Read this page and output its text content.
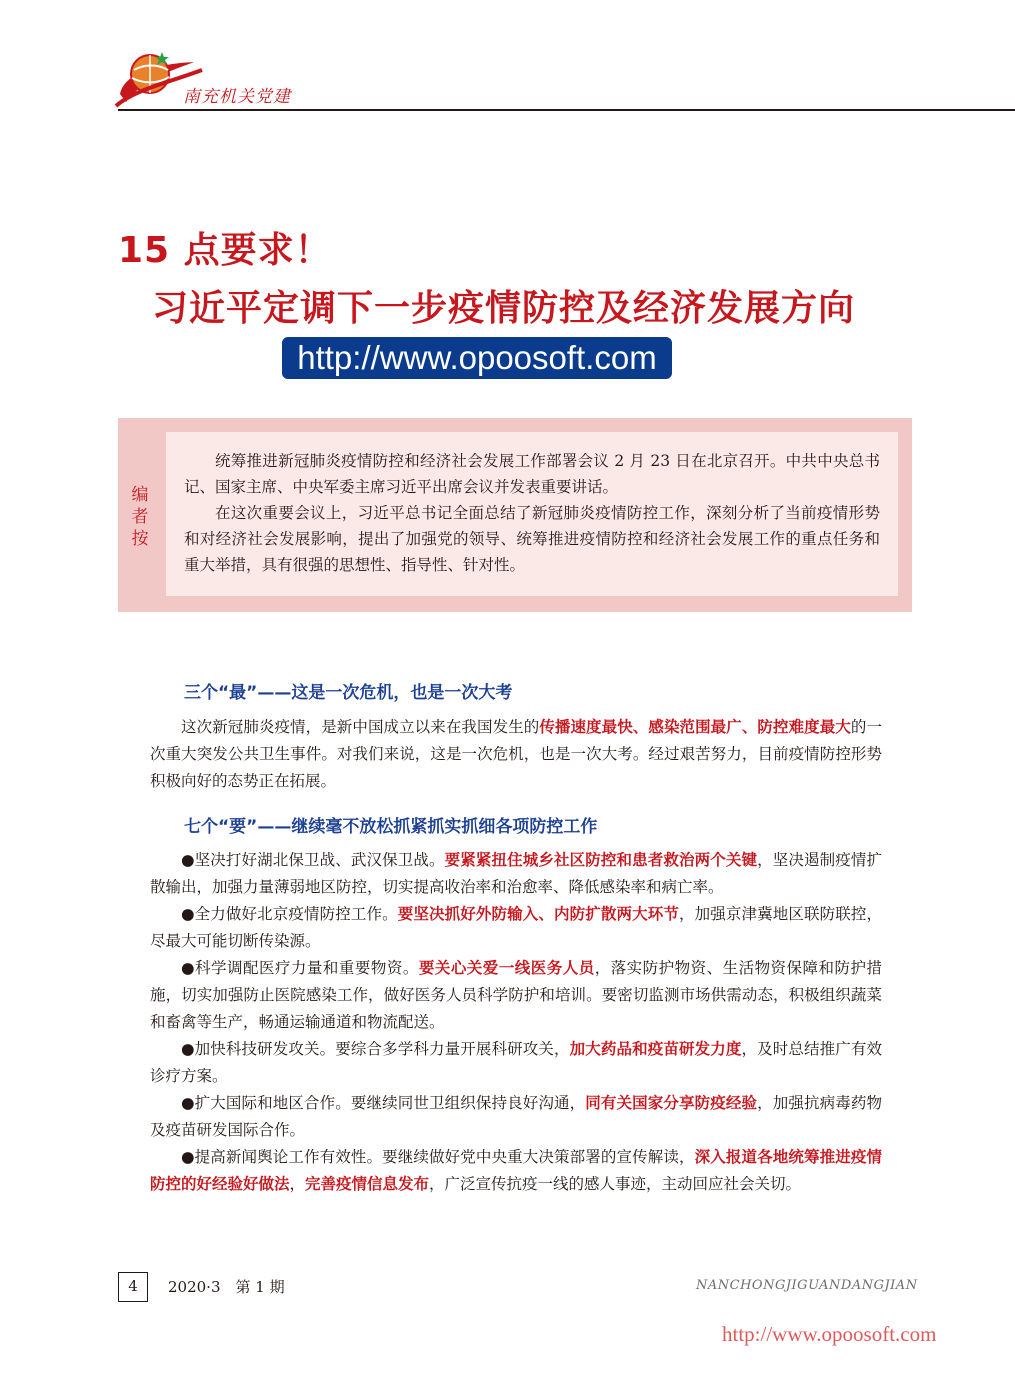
南充机关党建
15 点要求！
习近平定调下一步疫情防控及经济发展方向
http://www.opoosoft.com
编者按

统筹推进新冠肺炎疫情防控和经济社会发展工作部署会议 2 月 23 日在北京召开。中共中央总书记、国家主席、中央军委主席习近平出席会议并发表重要讲话。

在这次重要会议上，习近平总书记全面总结了新冠肺炎疫情防控工作，深刻分析了当前疫情形势和对经济社会发展影响，提出了加强党的领导、统筹推进疫情防控和经济社会发展工作的重点任务和重大举措，具有很强的思想性、指导性、针对性。

三个“最”——这是一次危机，也是一次大考

这次新冠肺炎疫情，是新中国成立以来在我国发生的传播速度最快、感染范围最广、防控难度最大的一次重大突发公共卫生事件。对我们来说，这是一次危机，也是一次大考。经过艰苦努力，目前疫情防控形势积极向好的态势正在拓展。

七个“要”——继续毫不放松抓紧抓实抓细各项防控工作

●坚决打好湖北保卫战、武汉保卫战。要紧紧扭住城乡社区防控和患者救治两个关键，坚决遏制疫情扩散输出，加强力量薄弱地区防控，切实提高收治率和治愈率、降低感染率和病亡率。

●全力做好北京疫情防控工作。要坚决抓好外防输入、内防扩散两大环节，加强京津冀地区联防联控，尽最大可能切断传染源。

●科学调配医疗力量和重要物资。要关心关爱一线医务人员，落实防护物资、生活物资保障和防护措施，切实加强防止医院感染工作，做好医务人员科学防护和培训。要密切监测市场供需动态，积极组织蔬菜和畜禽等生产，畅通运输通道和物流配送。

●加快科技研发攻关。要综合多学科力量开展科研攻关，加大药品和疫苗研发力度，及时总结推广有效诊疗方案。

●扩大国际和地区合作。要继续同世卫组织保持良好沟通，同有关国家分享防疫经验，加强抗病毒药物及疫苗研发国际合作。

●提高新闻舆论工作有效性。要继续做好党中央重大决策部署的宣传解读，深入报道各地统筹推进疫情防控的好经验好做法，完善疫情信息发布，广泛宣传抗疫一线的感人事迹，主动回应社会关切。

4	2020·3　第 1 期	NANCHONGJIGUANDANGJIAN
http://www.opoosoft.com
